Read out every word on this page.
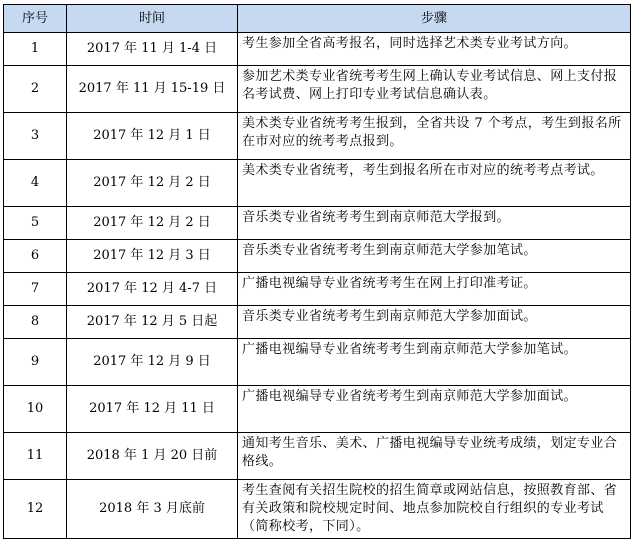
序号	时间	步骤
1	2017 年 11 月 1-4 日	考生参加全省高考报名，同时选择艺术类专业考试方向。
2	2017 年 11 月 15-19 日	参加艺术类专业省统考考生网上确认专业考试信息、网上支付报名考试费、网上打印专业考试信息确认表。
3	2017 年 12 月 1 日	美术类专业省统考考生报到，全省共设 7 个考点，考生到报名所在市对应的统考考点报到。
4	2017 年 12 月 2 日	美术类专业省统考，考生到报名所在市对应的统考考点考试。
5	2017 年 12 月 2 日	音乐类专业省统考考生到南京师范大学报到。
6	2017 年 12 月 3 日	音乐类专业省统考考生到南京师范大学参加笔试。
7	2017 年 12 月 4-7 日	广播电视编导专业省统考考生在网上打印准考证。
8	2017 年 12 月 5 日起	音乐类专业省统考考生到南京师范大学参加面试。
9	2017 年 12 月 9 日	广播电视编导专业省统考考生到南京师范大学参加笔试。
10	2017 年 12 月 11 日	广播电视编导专业省统考考生到南京师范大学参加面试。
11	2018 年 1 月 20 日前	通知考生音乐、美术、广播电视编导专业统考成绩，划定专业合格线。
12	2018 年 3 月底前	考生查阅有关招生院校的招生简章或网站信息，按照教育部、省有关政策和院校规定时间、地点参加院校自行组织的专业考试（简称校考，下同）。
